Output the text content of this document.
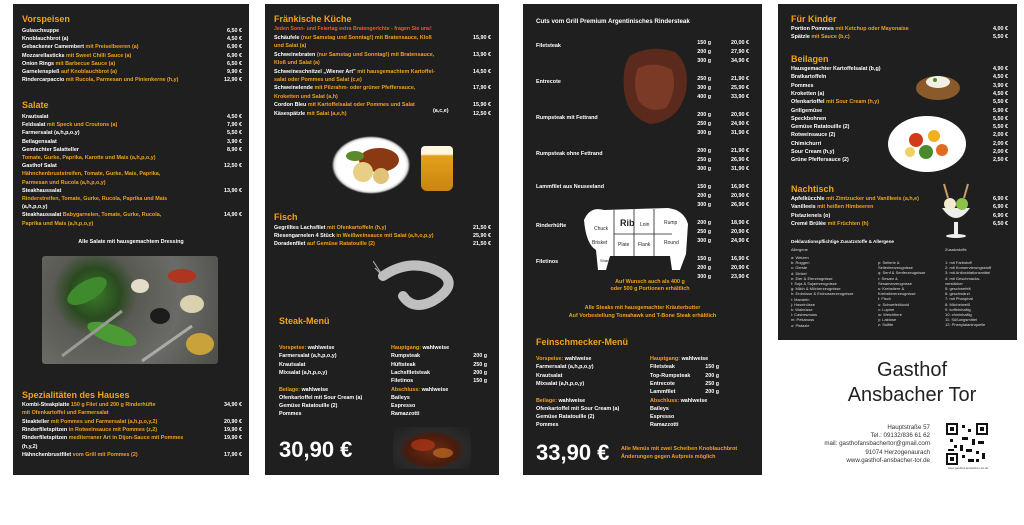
Vorspeisen
Gulaschsuppe	6,50 €
Knoblauchbrot (a)	4,50 €
Gebackener Camembert mit Preiselbeeren (a)	6,90 €
Mozzarellasticks mit Sweet Chilli Sauce (a)	6,90 €
Onion Rings mit Barbecue Sauce (a)	6,50 €
Garnelenspieß auf Knoblauchbrot (a)	9,90 €
Rindercarpaccio mit Rucola, Parmesan und Pinienkerne (h,y)	12,90 €
Salate
Krautsalat	4,50 €
Feldsalat mit Speck und Croutons (a)	7,90 €
Farmersalat (a,h,p,o,y)	5,50 €
Beilagensalat	3,90 €
Gemischter Salatteller	8,90 €
Tomate, Gurke, Paprika, Karotte und Mais (a,h,p,o,y)
Gasthof Salat	12,50 €
Hähnchenbruststreifen, Tomate, Gurke, Mais, Paprika,
Parmesan und Rucola (a,h,p,o,y)
Steakhaussalat	13,90 €
Rinderstreifen, Tomate, Gurke, Rucola, Paprika und Mais
(a,h,p,o,y)
Steakhaussalat Babygarnelen, Tomate, Gurke, Rucola,	14,90 €
Paprika und Mais (a,h,p,o,y)
Alle Salate mit hausgemachtem Dressing
Spezialitäten des Hauses
Kombi-Steakplatte 150 g Filet und 200 g Rinderhüfte	34,90 €
mit Ofenkartoffel und Farmersalat
Steakteller mit Pommes und Farmersalat (a,h,p,o,y,2)	20,90 €
Rinderfiletspitzen in Rotweinsauce mit Pommes (z,2)	19,90 €
Rinderfiletspitzen mediterraner Art in Dijon-Sauce mit Pommes	19,90 €
(h,y,2)
Hähnchenbrustfilet vom Grill mit Pommes (2)	17,90 €
Fränkische Küche
Jeden Sonn- und Feiertag extra Bratengerichte - fragen Sie uns!
Schäufele (nur Samstag und Sonntag!) mit Bratensauce, Kloß	15,90 €
und Salat (a)
Schweinebraten (nur Samstag und Sonntag!) mit Bratensauce,	13,90 €
Kloß und Salat (a)
Schweineschnitzel „Wiener Art" mit hausgemachtem Kartoffel-	14,50 €
salat oder Pommes und Salat (c,e)
Schweinelende mit Pilzrahm- oder grüner Pfeffersauce,	17,90 €
Kroketten und Salat (a,h)
Cordon Bleu mit Kartoffelsalat oder Pommes und Salat	15,90 €
Käsespätzle mit Salat (a,e,h)	12,50 €
(a,c,e)
Fisch
Gegrilltes Lachsfilet mit Ofenkartoffeln (h,y)	21,50 €
Riesengarnelen 4 Stück in Weißweinsauce mit Salat (a,h,o,p,y)	25,90 €
Doradenfilet auf Gemüse Ratatouille (2)	21,50 €
Steak-Menü
Vorspeise: wahlweise
Farmersalat (a,h,p,o,y)
Krautsalat
Mixsalat (a,h,p,o,y)
Beilage: wahlweise
Ofenkartoffel mit Sour Cream (a)
Gemüse Ratatouille (2)
Pommes
Hauptgang: wahlweise
Rumpsteak	200 g
Hüftsteak	250 g
Lachsfiletsteak	200 g
Filetinos	150 g
Abschluss: wahlweise
Baileys
Espresso
Ramazzotti
30,90 €
Cuts vom Grill Premium Argentinisches Rindersteak
Filetsteak	150 g	20,00 €
200 g	27,90 €
300 g	34,90 €
Entrecote	250 g	21,90 €
300 g	25,90 €
400 g	33,90 €
Rumpsteak mit Fettrand	200 g	20,90 €
250 g	24,90 €
300 g	31,90 €
Rumpsteak ohne Fettrand	200 g	21,90 €
250 g	26,90 €
300 g	31,90 €
Lammfilet aus Neuseeland	150 g	16,90 €
200 g	20,90 €
300 g	26,90 €
Rinderhüfte	200 g	18,90 €
250 g	20,90 €
300 g	24,90 €
Filetinos	150 g	16,90 €
200 g	20,90 €
300 g	23,90 €
Chuck
Rib Loin	Rump
Round
Brisket Plate Flank
Shank
Auf Wunsch auch als 400 g
oder 500 g Portionen erhältlich
Alle Steaks mit hausgemachter Kräuterbutter
Auf Vorbestellung Tomahawk und T-Bone Steak erhältlich
Feinschmecker-Menü
Vorspeise: wahlweise
Farmersalat (a,h,p,o,y)
Krautsalat
Mixsalat (a,h,p,o,y)
Beilage: wahlweise
Ofenkartoffel mit Sour Cream (a)
Gemüse Ratatouille (2)
Pommes
Hauptgang: wahlweise
Filetsteak	150 g
Top-Rumpsteak	200 g
Entrecote	250 g
Lammfilet	200 g
Abschluss: wahlweise
Baileys
Espresso
Ramazzotti
33,90 € Alle Menüs mit zwei Scheiben Knoblauchbrot
Änderungen gegen Aufpreis möglich
Für Kinder
Portion Pommes mit Ketchup oder Mayonaise	4,00 €
Spätzle mit Sauce (b,c)	5,50 €
Beilagen
Hausgemachter Kartoffelsalat (b,g)	4,90 €
Bratkartoffeln	4,50 €
Pommes	3,90 €
Kroketten (a)	4,50 €
Ofenkartoffel mit Sour Cream (h,y)	5,50 €
Grillgemüse	5,90 €
Speckbohnen	5,50 €
Gemüse Ratatouille (2)	5,50 €
Rotweinsauce (2)	2,00 €
Chimichurri	2,00 €
Sour Cream (h,y)	2,00 €
Grüne Pfeffersauce (2)	2,50 €
Nachtisch
Apfelkücchle mit Zimtzucker und Vanilleeis (a,h,e)	6,90 €
Vanilleeis mit heißen Himbeeren	6,90 €
Pistazieneis (o)	6,90 €
Cremé Brülée mit Früchten (h)	6,50 €
Deklarationspflichtige Zusatzstoffe & Allergene
Allergene	Zusatzstoffe
a: Weizen
b: Roggen
c: Gerste
d: Dinkel
e: Eier & Eierzeugnisse
f: Soja & Sojaerzeugnisse
g: Milch & Milcherzeugnisse
h: Erdnüsse & Erdnusserzeugnisse
i: Mandeln
j: Haselnüsse
k: Walnüsse
l: Cashewnuss
m: Pekanuss
o: Pistazie
p: Sellerie &
Sellerieerzeugnisse
q: Senf & Senferzeugnisse
r: Sesam &
Sesamerzeugnisse
s: Krebstiere &
Krebstiererzeugnisse
t: Fisch
u: Schwefeldioxid
v: Lupine
w: Weichtiere
y: Laktose
z: Sulfite
1: mit Farbstoff
2: mit Konservierungsstoff
3: mit Antioxidationsmittel
4: mit Geschmacks-
verstärker
5: geschwefelt
6: geschwärzt
7: mit Phosphat
8: Milcheiweiß
9: koffeinhaltig
10: chininhaltig
11: Süßungsmittel
12: Phenylalaninquelle
Gasthof
Ansbacher Tor
Hauptstraße 57
Tel.: 09132/836 61 62
mail: gasthofansbachertor@gmail.com
91074 Herzogenaurach
www.gasthof-ansbacher-tor.de
www.gasthof-ansbacher-tor.de
